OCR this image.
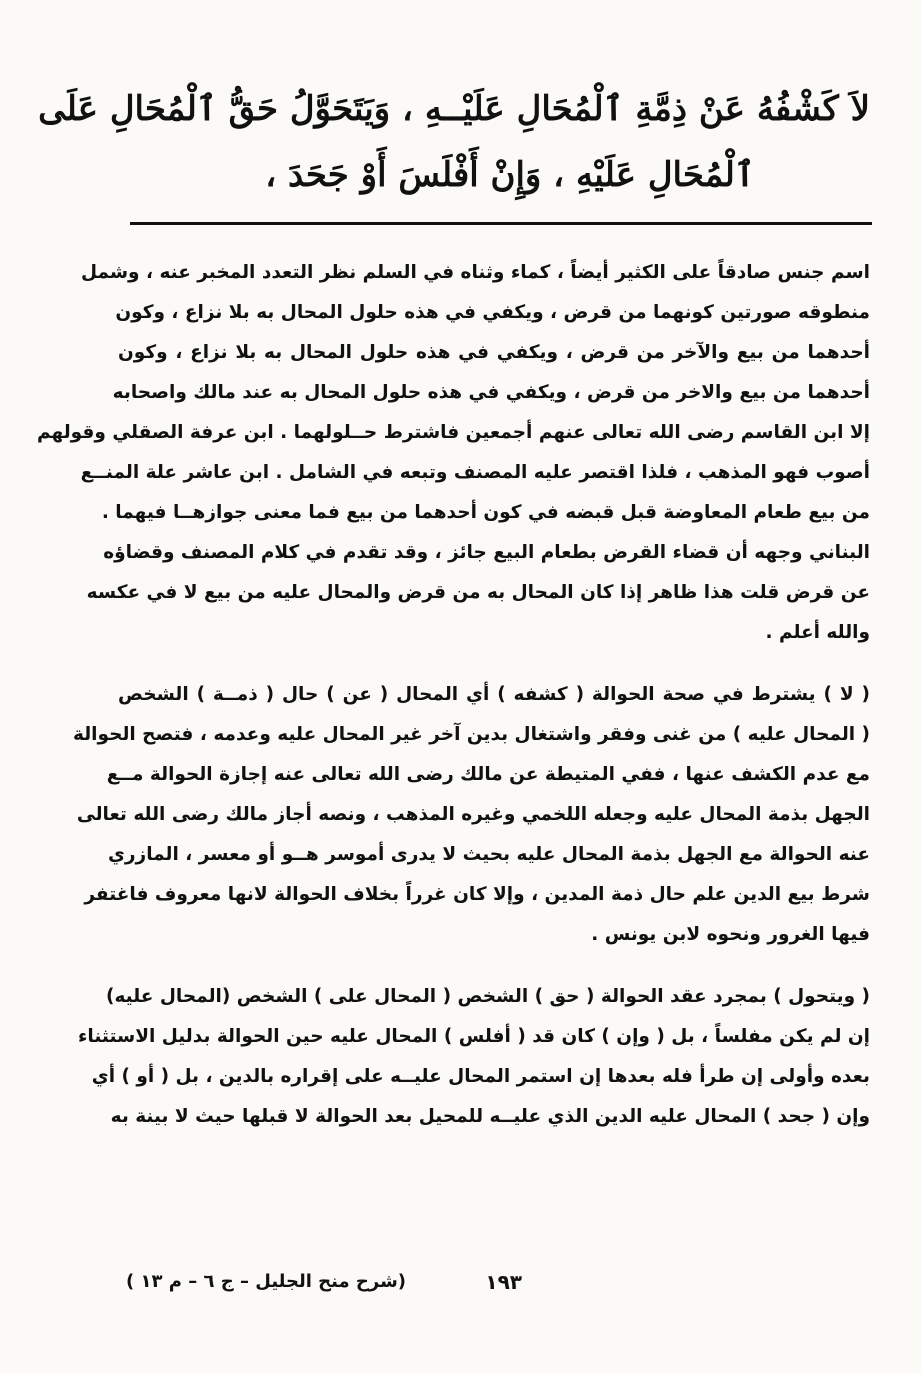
لاَ كَشْفُهُ عَنْ ذِمَّةِ ٱلْمُحَالِ عَلَيْــهِ ، وَيَتَحَوَّلُ حَقُّ ٱلْمُحَالِ عَلَى
ٱلْمُحَالِ عَلَيْهِ ، وَإِنْ أَفْلَسَ أَوْ جَحَدَ ،
اسم جنس صادقاً على الكثير أيضاً ، كماء وثناه في السلم نظر التعدد المخبر عنه ، وشمل
منطوقه صورتين كونهما من قرض ، ويكفي في هذه حلول المحال به بلا نزاع ، وكون
أحدهما من بيع والآخر من قرض ، ويكفي في هذه حلول المحال به بلا نزاع ، وكون
أحدهما من بيع والاخر من قرض ، ويكفي في هذه حلول المحال به عند مالك واصحابه
إلا ابن القاسم رضى الله تعالى عنهم أجمعين فاشترط حــلولهما . ابن عرفة الصقلي وقولهم
أصوب فهو المذهب ، فلذا اقتصر عليه المصنف وتبعه في الشامل . ابن عاشر علة المنــع
من بيع طعام المعاوضة قبل قبضه في كون أحدهما من بيع فما معنى جوازهــا فيهما .
البناني وجهه أن قضاء القرض بطعام البيع جائز ، وقد تقدم في كلام المصنف وقضاؤه
عن قرض قلت هذا ظاهر إذا كان المحال به من قرض والمحال عليه من بيع لا في عكسه
والله أعلم .
( لا ) يشترط في صحة الحوالة ( كشفه ) أي المحال ( عن ) حال ( ذمــة ) الشخص
( المحال عليه ) من غنى وفقر واشتغال بدين آخر غير المحال عليه وعدمه ، فتصح الحوالة
مع عدم الكشف عنها ، ففي المتيطة عن مالك رضى الله تعالى عنه إجازة الحوالة مــع
الجهل بذمة المحال عليه وجعله اللخمي وغيره المذهب ، ونصه أجاز مالك رضى الله تعالى
عنه الحوالة مع الجهل بذمة المحال عليه بحيث لا يدرى أموسر هــو أو معسر ، المازري
شرط بيع الدين علم حال ذمة المدين ، وإلا كان غرراً بخلاف الحوالة لانها معروف فاغتفر
فيها الغرور ونحوه لابن يونس .
( ويتحول ) بمجرد عقد الحوالة ( حق ) الشخص ( المحال على ) الشخص (المحال عليه)
إن لم يكن مفلساً ، بل ( وإن ) كان قد ( أفلس ) المحال عليه حين الحوالة بدليل الاستثناء
بعده وأولى إن طرأ فله بعدها إن استمر المحال عليــه على إقراره بالدين ، بل ( أو ) أي
وإن ( جحد ) المحال عليه الدين الذي عليــه للمحيل بعد الحوالة لا قبلها حيث لا بينة به
١٩٣
(شرح منح الجليل – ج ٦ – م ١٣ )
